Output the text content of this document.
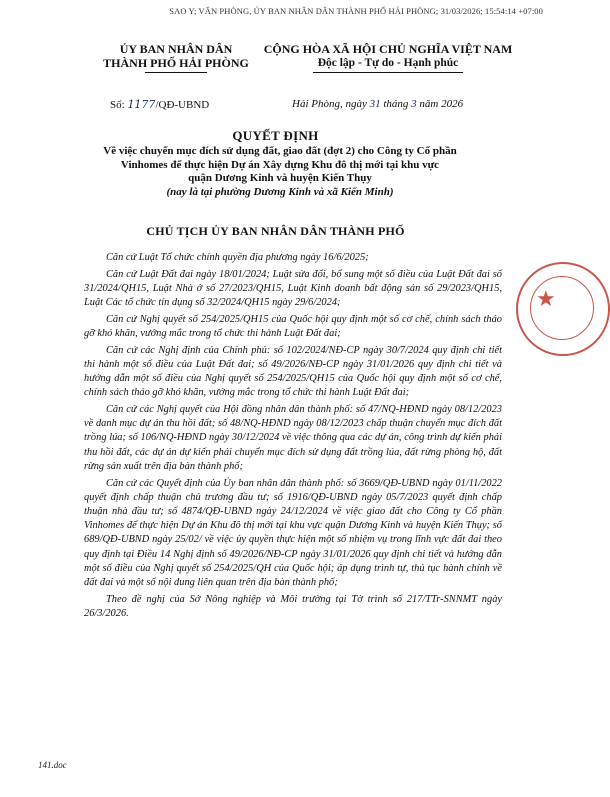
SAO Y; VĂN PHÒNG, ỦY BAN NHÂN DÂN THÀNH PHỐ HẢI PHÒNG; 31/03/2026; 15:54:14 +07:00
ỦY BAN NHÂN DÂN
THÀNH PHỐ HẢI PHÒNG
CỘNG HÒA XÃ HỘI CHỦ NGHĨA VIỆT NAM
Độc lập - Tự do - Hạnh phúc
Số: 1177/QĐ-UBND	Hải Phòng, ngày 31 tháng 3 năm 2026
QUYẾT ĐỊNH
Về việc chuyển mục đích sử dụng đất, giao đất (đợt 2) cho Công ty Cổ phần
Vinhomes để thực hiện Dự án Xây dựng Khu đô thị mới tại khu vực
quận Dương Kinh và huyện Kiến Thụy
(nay là tại phường Dương Kinh và xã Kiến Minh)
CHỦ TỊCH ỦY BAN NHÂN DÂN THÀNH PHỐ

Căn cứ Luật Tổ chức chính quyền địa phương ngày 16/6/2025;

Căn cứ Luật Đất đai ngày 18/01/2024; Luật sửa đổi, bổ sung một số điều của Luật Đất đai số 31/2024/QH15, Luật Nhà ở số 27/2023/QH15, Luật Kinh doanh bất động sản số 29/2023/QH15, Luật Các tổ chức tín dụng số 32/2024/QH15 ngày 29/6/2024;

Căn cứ Nghị quyết số 254/2025/QH15 của Quốc hội quy định một số cơ chế, chính sách tháo gỡ khó khăn, vướng mắc trong tổ chức thi hành Luật Đất đai;

Căn cứ các Nghị định của Chính phủ: số 102/2024/NĐ-CP ngày 30/7/2024 quy định chi tiết thi hành một số điều của Luật Đất đai; số 49/2026/NĐ-CP ngày 31/01/2026 quy định chi tiết và hướng dẫn một số điều của Nghị quyết số 254/2025/QH15 của Quốc hội quy định một số cơ chế, chính sách tháo gỡ khó khăn, vướng mắc trong tổ chức thi hành Luật Đất đai;

Căn cứ các Nghị quyết của Hội đồng nhân dân thành phố: số 47/NQ-HĐND ngày 08/12/2023 về danh mục dự án thu hồi đất; số 48/NQ-HĐND ngày 08/12/2023 chấp thuận chuyển mục đích đất trồng lúa; số 106/NQ-HĐND ngày 30/12/2024 về việc thông qua các dự án, công trình dự kiến phải thu hồi đất, các dự án dự kiến phải chuyển mục đích sử dụng đất trồng lúa, đất rừng phòng hộ, đất rừng sản xuất trên địa bàn thành phố;

Căn cứ các Quyết định của Ủy ban nhân dân thành phố: số 3669/QĐ-UBND ngày 01/11/2022 quyết định chấp thuận chủ trương đầu tư; số 1916/QĐ-UBND ngày 05/7/2023 quyết định chấp thuận nhà đầu tư; số 4874/QĐ-UBND ngày 24/12/2024 về việc giao đất cho Công ty Cổ phần Vinhomes để thực hiện Dự án Khu đô thị mới tại khu vực quận Dương Kinh và huyện Kiến Thụy; số 689/QĐ-UBND ngày 25/02/ về việc ủy quyền thực hiện một số nhiệm vụ trong lĩnh vực đất đai theo quy định tại Điều 14 Nghị định số 49/2026/NĐ-CP ngày 31/01/2026 quy định chi tiết và hướng dẫn một số điều của Nghị quyết số 254/2025/QH của Quốc hội; áp dụng trình tự, thủ tục hành chính về đất đai và một số nội dung liên quan trên địa bàn thành phố;

Theo đề nghị của Sở Nông nghiệp và Môi trường tại Tờ trình số 217/TTr-SNNMT ngày 26/3/2026.

★
141.doc
